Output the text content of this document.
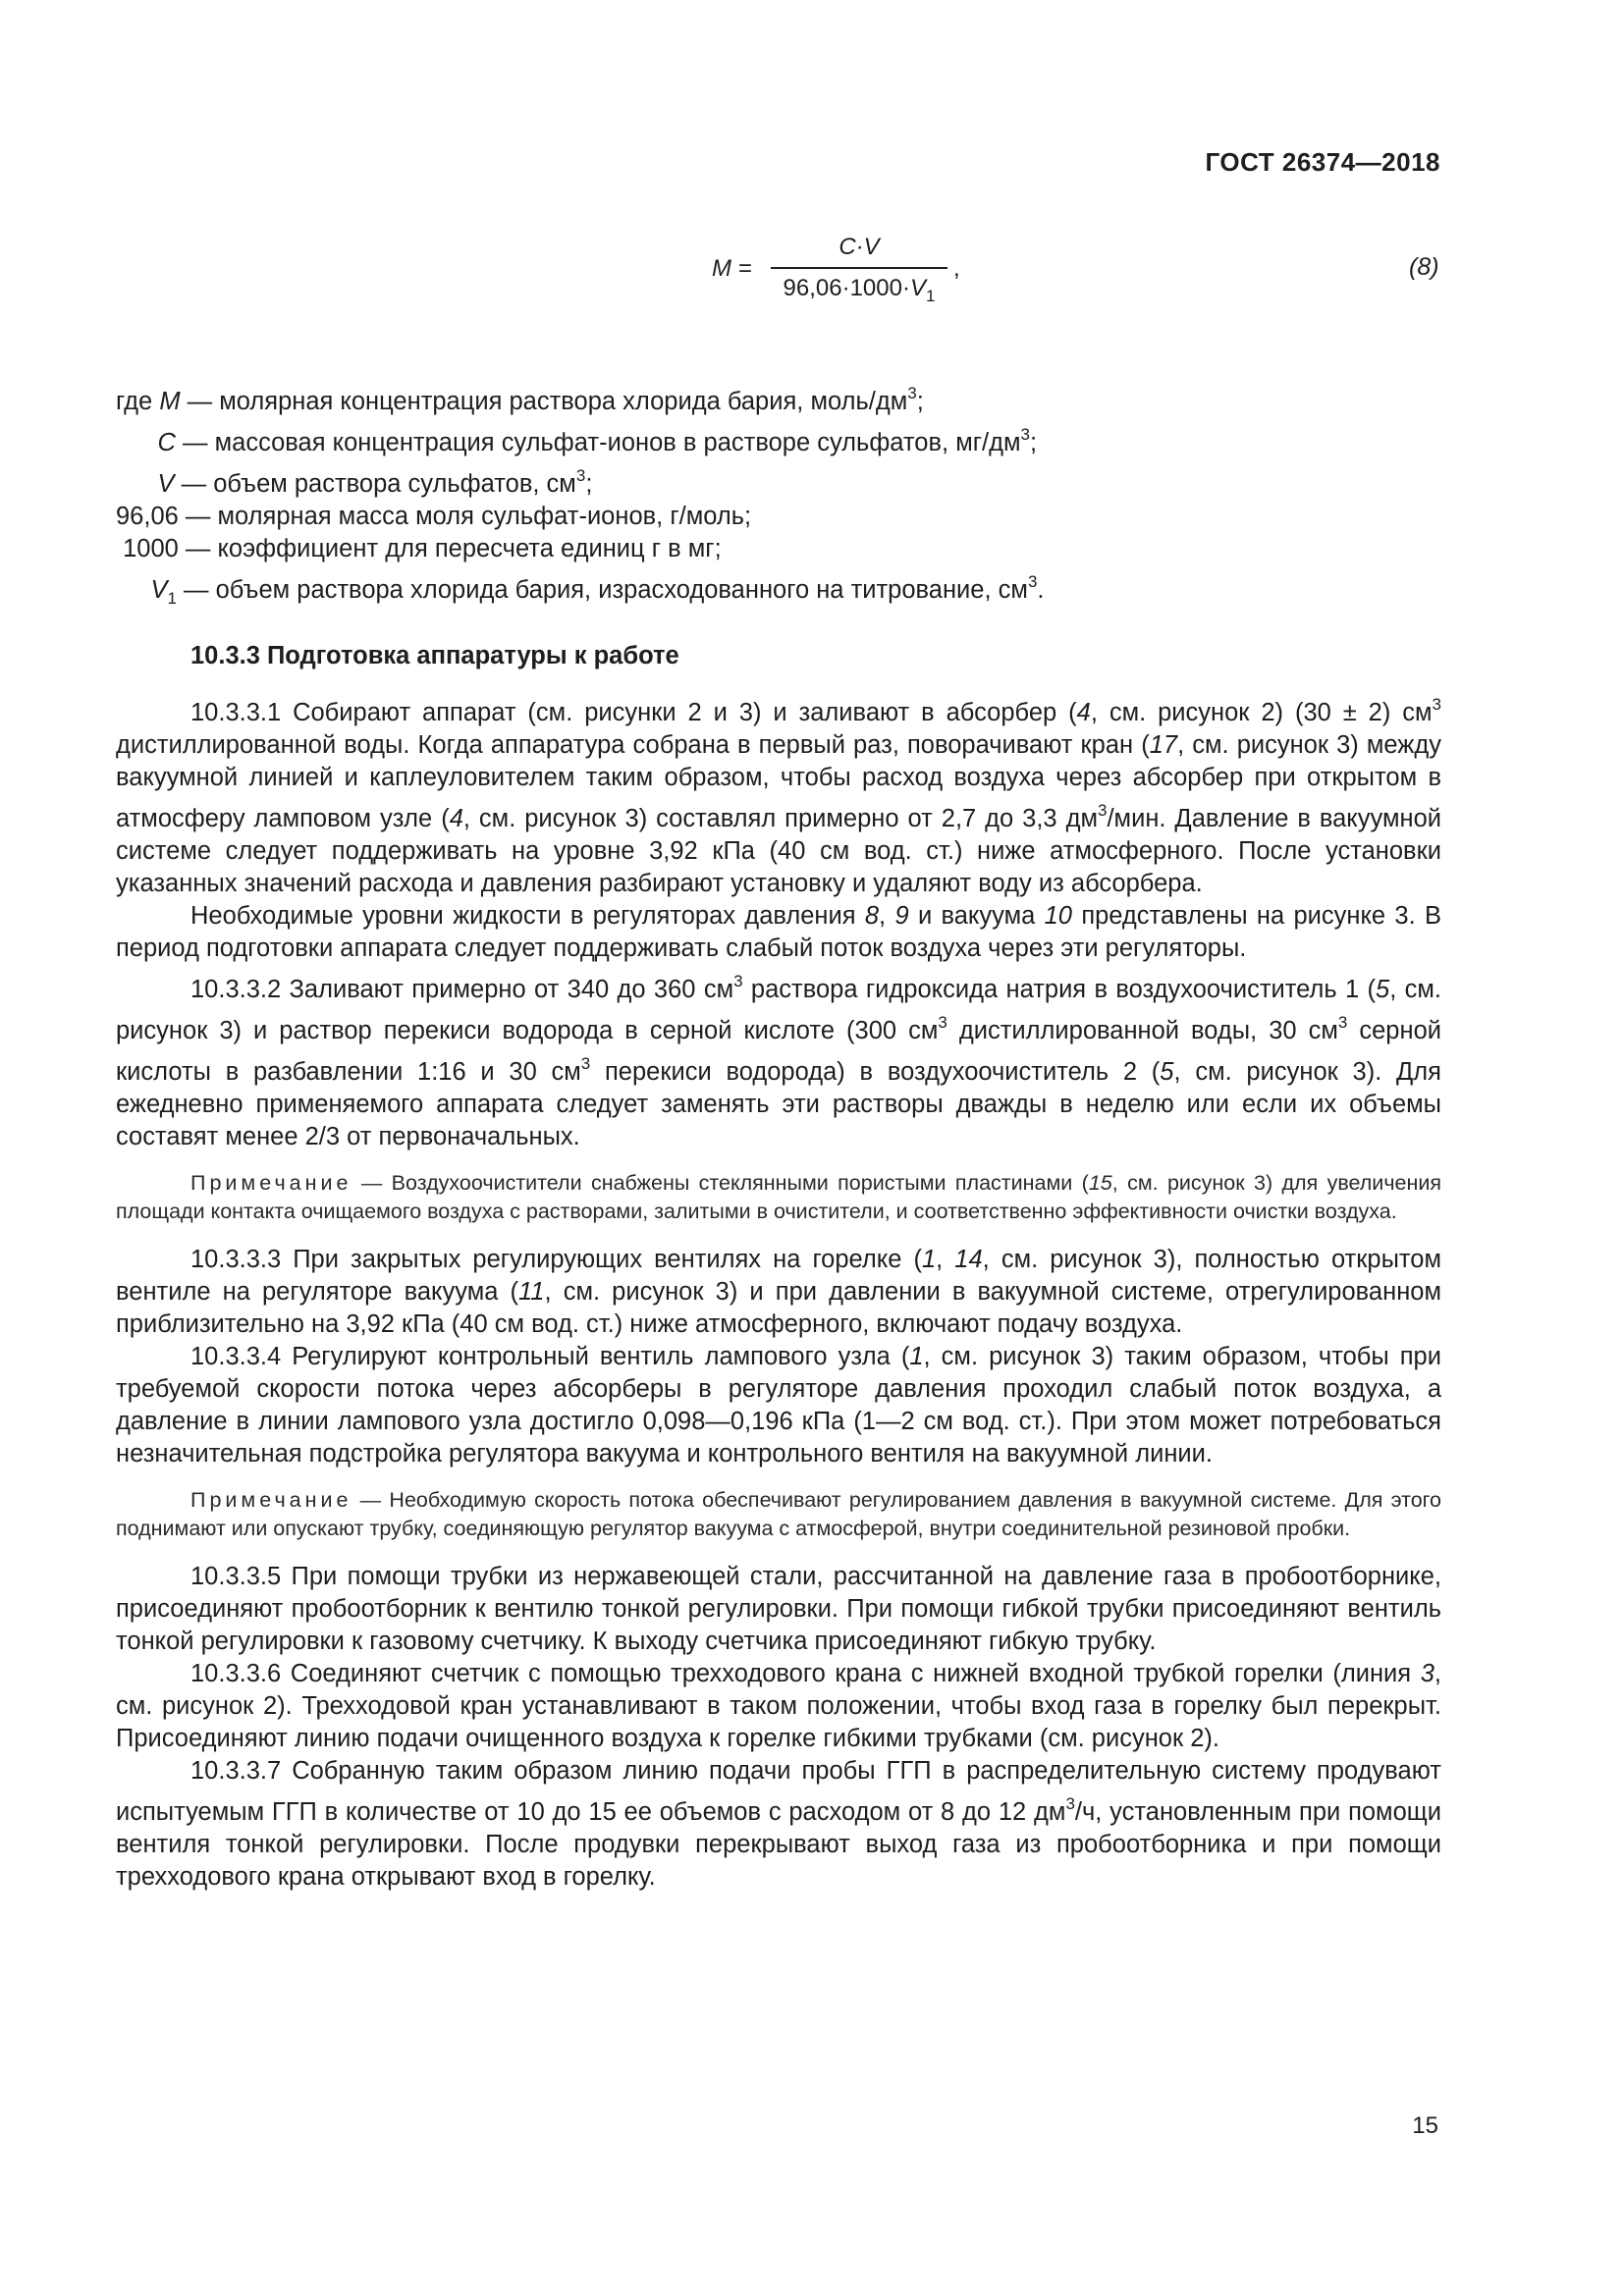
ГОСТ 26374—2018
$M = \frac{C\cdot V}{96,06\cdot 1000\cdot V_1}$ ,	(8)

где M — молярная концентрация раствора хлорида бария, моль/$дм^3$;

C — массовая концентрация сульфат-ионов в растворе сульфатов, $мг/дм^3$;

V — объем раствора сульфатов, $см^3$;

96,06 — молярная масса моля сульфат-ионов, г/моль;

1000 — коэффициент для пересчета единиц г в мг;

$V_1$ — объем раствора хлорида бария, израсходованного на титрование, $см^3$.

10.3.3 Подготовка аппаратуры к работе

10.3.3.1 Собирают аппарат (см. рисунки 2 и 3) и заливают в абсорбер (4, см. рисунок 2) (30 ± 2) $см^3$ дистиллированной воды. Когда аппаратура собрана в первый раз, поворачивают кран (17, см. рисунок 3) между вакуумной линией и каплеуловителем таким образом, чтобы расход воздуха через абсорбер при открытом в атмосферу ламповом узле (4, см. рисунок 3) составлял примерно от 2,7 до 3,3 $дм^3$/мин. Давление в вакуумной системе следует поддерживать на уровне 3,92 кПа (40 см вод. ст.) ниже атмосферного. После установки указанных значений расхода и давления разбирают установку и удаляют воду из абсорбера.

Необходимые уровни жидкости в регуляторах давления 8, 9 и вакуума 10 представлены на рисунке 3. В период подготовки аппарата следует поддерживать слабый поток воздуха через эти регуляторы.

10.3.3.2 Заливают примерно от 340 до 360 $см^3$ раствора гидроксида натрия в воздухоочиститель 1 (5, см. рисунок 3) и раствор перекиси водорода в серной кислоте (300 $см^3$ дистиллированной воды, 30 $см^3$ серной кислоты в разбавлении 1:16 и 30 $см^3$ перекиси водорода) в воздухоочиститель 2 (5, см. рисунок 3). Для ежедневно применяемого аппарата следует заменять эти растворы дважды в неделю или если их объемы составят менее 2/3 от первоначальных.

Примечание — Воздухоочистители снабжены стеклянными пористыми пластинами (15, см. рисунок 3) для увеличения площади контакта очищаемого воздуха с растворами, залитыми в очистители, и соответственно эффективности очистки воздуха.

10.3.3.3 При закрытых регулирующих вентилях на горелке (1, 14, см. рисунок 3), полностью открытом вентиле на регуляторе вакуума (11, см. рисунок 3) и при давлении в вакуумной системе, отрегулированном приблизительно на 3,92 кПа (40 см вод. ст.) ниже атмосферного, включают подачу воздуха.

10.3.3.4 Регулируют контрольный вентиль лампового узла (1, см. рисунок 3) таким образом, чтобы при требуемой скорости потока через абсорберы в регуляторе давления проходил слабый поток воздуха, а давление в линии лампового узла достигло 0,098—0,196 кПа (1—2 см вод. ст.). При этом может потребоваться незначительная подстройка регулятора вакуума и контрольного вентиля на вакуумной линии.

Примечание — Необходимую скорость потока обеспечивают регулированием давления в вакуумной системе. Для этого поднимают или опускают трубку, соединяющую регулятор вакуума с атмосферой, внутри соединительной резиновой пробки.

10.3.3.5 При помощи трубки из нержавеющей стали, рассчитанной на давление газа в пробоотборнике, присоединяют пробоотборник к вентилю тонкой регулировки. При помощи гибкой трубки присоединяют вентиль тонкой регулировки к газовому счетчику. К выходу счетчика присоединяют гибкую трубку.

10.3.3.6 Соединяют счетчик с помощью трехходового крана с нижней входной трубкой горелки (линия 3, см. рисунок 2). Трехходовой кран устанавливают в таком положении, чтобы вход газа в горелку был перекрыт. Присоединяют линию подачи очищенного воздуха к горелке гибкими трубками (см. рисунок 2).

10.3.3.7 Собранную таким образом линию подачи пробы ГГП в распределительную систему продувают испытуемым ГГП в количестве от 10 до 15 ее объемов с расходом от 8 до 12 $дм^3/ч$, установленным при помощи вентиля тонкой регулировки. После продувки перекрывают выход газа из пробоотборника и при помощи трехходового крана открывают вход в горелку.

15
